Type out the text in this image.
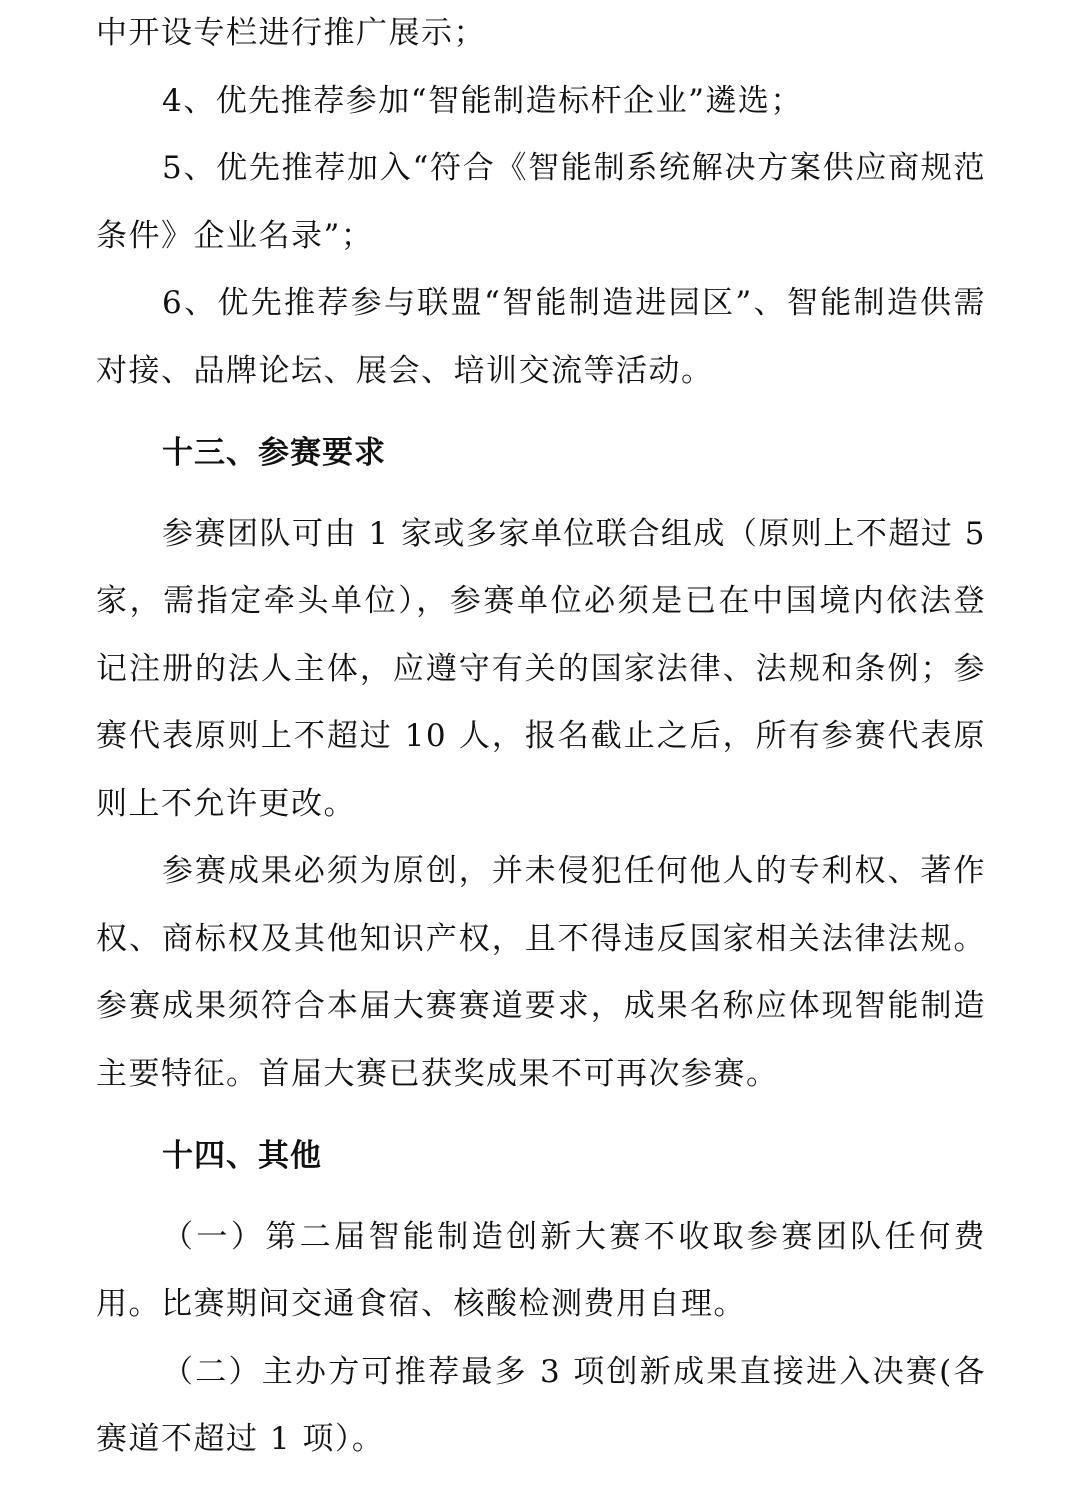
中开设专栏进行推广展示；

4、优先推荐参加“智能制造标杆企业”遴选；

5、优先推荐加入“符合《智能制系统解决方案供应商规范条件》企业名录”；

6、优先推荐参与联盟“智能制造进园区”、智能制造供需对接、品牌论坛、展会、培训交流等活动。

十三、参赛要求

参赛团队可由 1 家或多家单位联合组成（原则上不超过 5 家，需指定牵头单位），参赛单位必须是已在中国境内依法登记注册的法人主体，应遵守有关的国家法律、法规和条例；参赛代表原则上不超过 10 人，报名截止之后，所有参赛代表原则上不允许更改。

参赛成果必须为原创，并未侵犯任何他人的专利权、著作权、商标权及其他知识产权，且不得违反国家相关法律法规。参赛成果须符合本届大赛赛道要求，成果名称应体现智能制造主要特征。首届大赛已获奖成果不可再次参赛。

十四、其他

（一）第二届智能制造创新大赛不收取参赛团队任何费用。比赛期间交通食宿、核酸检测费用自理。

（二）主办方可推荐最多 3 项创新成果直接进入决赛(各赛道不超过 1 项）。
